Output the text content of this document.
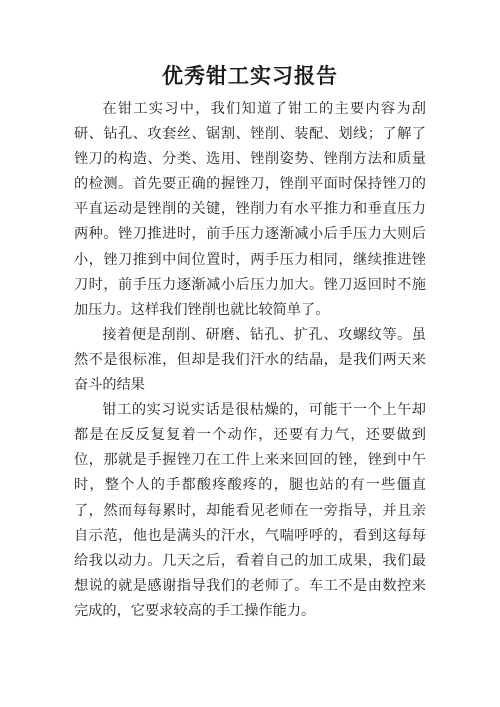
优秀钳工实习报告

在钳工实习中，我们知道了钳工的主要内容为刮研、钻孔、攻套丝、锯割、锉削、装配、划线；了解了锉刀的构造、分类、选用、锉削姿势、锉削方法和质量的检测。首先要正确的握锉刀，锉削平面时保持锉刀的平直运动是锉削的关键，锉削力有水平推力和垂直压力两种。锉刀推进时，前手压力逐渐减小后手压力大则后小，锉刀推到中间位置时，两手压力相同，继续推进锉刀时，前手压力逐渐减小后压力加大。锉刀返回时不施加压力。这样我们锉削也就比较简单了。

接着便是刮削、研磨、钻孔、扩孔、攻螺纹等。虽然不是很标准，但却是我们汗水的结晶，是我们两天来奋斗的结果

钳工的实习说实话是很枯燥的，可能干一个上午却都是在反反复复着一个动作，还要有力气，还要做到位，那就是手握锉刀在工件上来来回回的锉，锉到中午时，整个人的手都酸疼酸疼的，腿也站的有一些僵直了，然而每每累时，却能看见老师在一旁指导，并且亲自示范，他也是满头的汗水，气喘呼呼的，看到这每每给我以动力。几天之后，看着自己的加工成果，我们最想说的就是感谢指导我们的老师了。车工不是由数控来完成的，它要求较高的手工操作能力。
